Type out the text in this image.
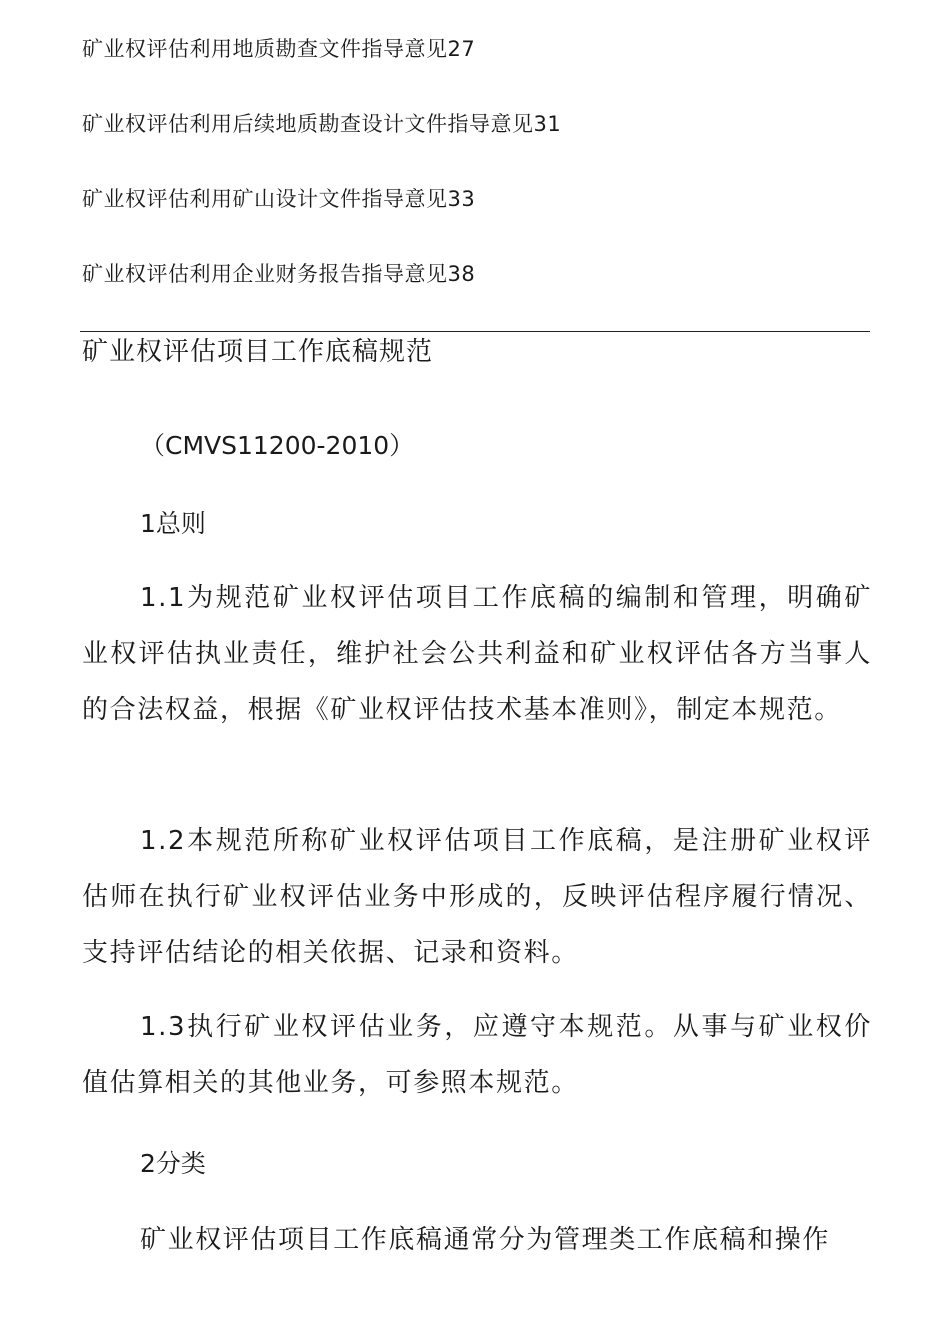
矿业权评估利用地质勘查文件指导意见27
矿业权评估利用后续地质勘查设计文件指导意见31
矿业权评估利用矿山设计文件指导意见33
矿业权评估利用企业财务报告指导意见38
矿业权评估项目工作底稿规范
（CMVS11200-2010）
1总则

1.1为规范矿业权评估项目工作底稿的编制和管理，明确矿业权评估执业责任，维护社会公共利益和矿业权评估各方当事人的合法权益，根据《矿业权评估技术基本准则》，制定本规范。

1.2本规范所称矿业权评估项目工作底稿，是注册矿业权评估师在执行矿业权评估业务中形成的，反映评估程序履行情况、支持评估结论的相关依据、记录和资料。

1.3执行矿业权评估业务，应遵守本规范。从事与矿业权价值估算相关的其他业务，可参照本规范。

2分类

矿业权评估项目工作底稿通常分为管理类工作底稿和操作
